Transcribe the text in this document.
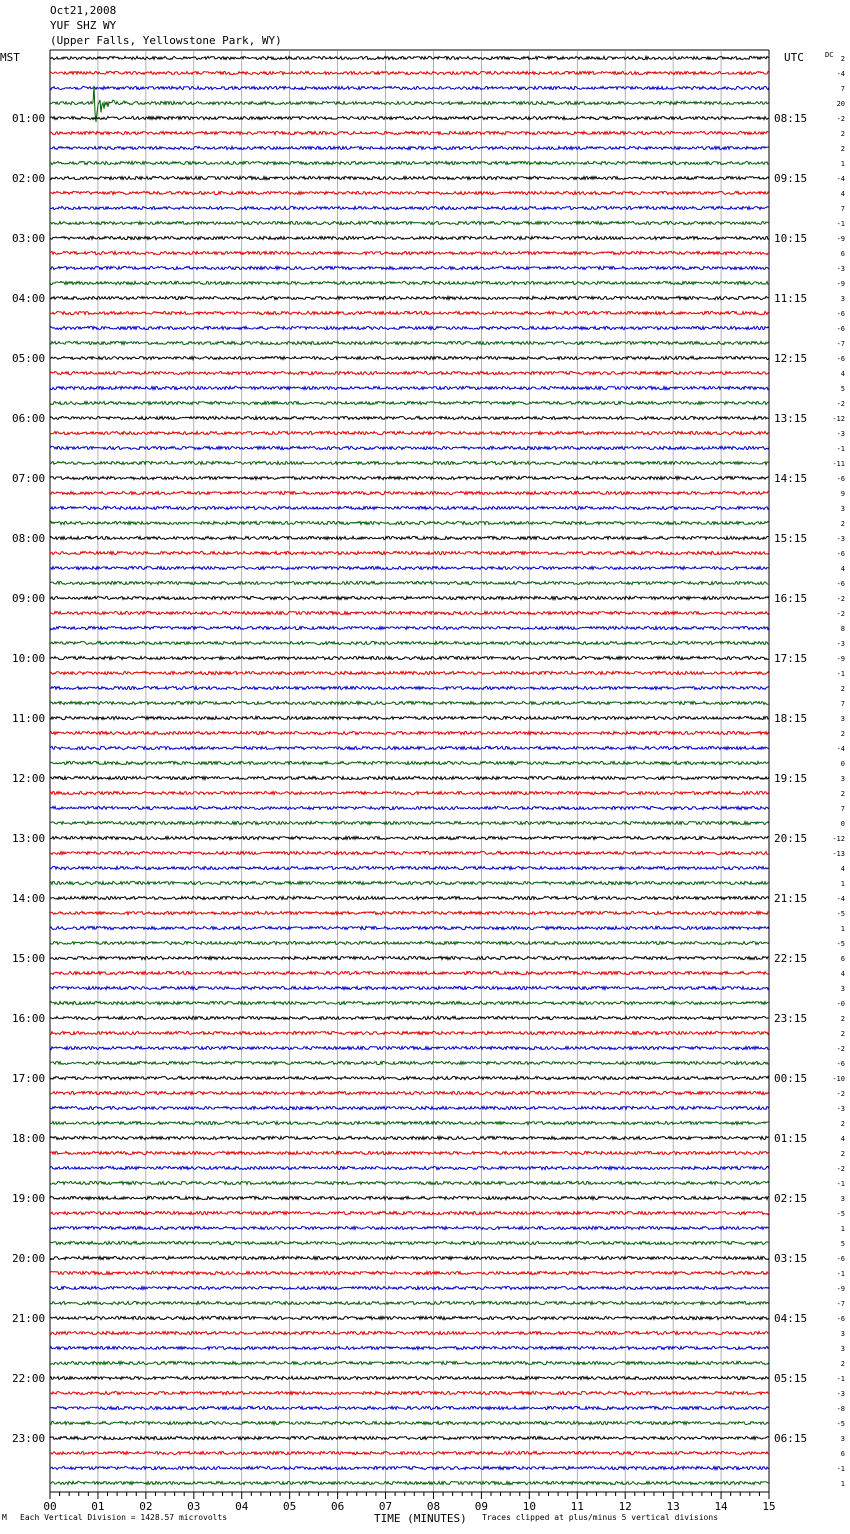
Oct21,2008
YUF SHZ WY
(Upper Falls, Yellowstone Park, WY)
MST	UTC	DC
01:00
02:00
03:00
04:00
05:00
06:00
07:00
08:00
09:00
10:00
11:00
12:00
13:00
14:00
15:00
16:00
17:00
18:00
19:00
20:00
21:00
22:00
23:00
08:15
09:15
10:15
11:15
12:15
13:15
14:15
15:15
16:15
17:15
18:15
19:15
20:15
21:15
22:15
23:15
00:15
01:15
02:15
03:15
04:15
05:15
06:15
2
-4
7
20
-2
2
2
1
-4
4
7
-1
-9
6
-3
-9
3
-6
-6
-7
-6
4
5
-2
-12
-3
-1
-11
-6
9
3
2
-3
-6
4
-6
-2
-2
8
-3
-9
-1
2
7
3
2
-4
0
3
2
7
0
-12
-13
4
1
-4
-5
1
-5
6
4
3
-0
2
2
-2
-6
-10
-2
-3
2
4
2
-2
-1
3
-5
1
5
-6
-1
-9
-7
-6
3
3
2
-1
-3
-8
-5
3
6
-1
1
00	01	02	03	04	05	06	07	08	09	10	11	12	13	14	15
M Each Vertical Division = 1428.57 microvolts	TIME (MINUTES) Traces clipped at plus/minus 5 vertical divisions
